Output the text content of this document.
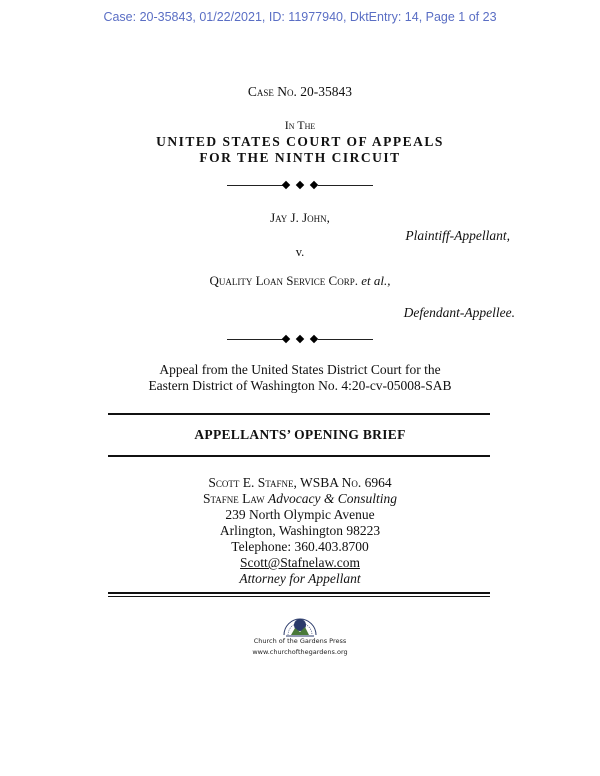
Case: 20-35843, 01/22/2021, ID: 11977940, DktEntry: 14, Page 1 of 23
Case No. 20-35843
In The
UNITED STATES COURT OF APPEALS
FOR THE NINTH CIRCUIT
Jay J. John,
Plaintiff-Appellant,
v.
Quality Loan Service Corp. et al.,
Defendant-Appellee.
Appeal from the United States District Court for the
Eastern District of Washington No. 4:20-cv-05008-SAB
APPELLANTS’ OPENING BRIEF
Scott E. Stafne, WSBA No. 6964
Stafne Law Advocacy & Consulting
239 North Olympic Avenue
Arlington, Washington 98223
Telephone: 360.403.8700
Scott@Stafnelaw.com
Attorney for Appellant
Church of the Gardens Press
www.churchofthegardens.org
